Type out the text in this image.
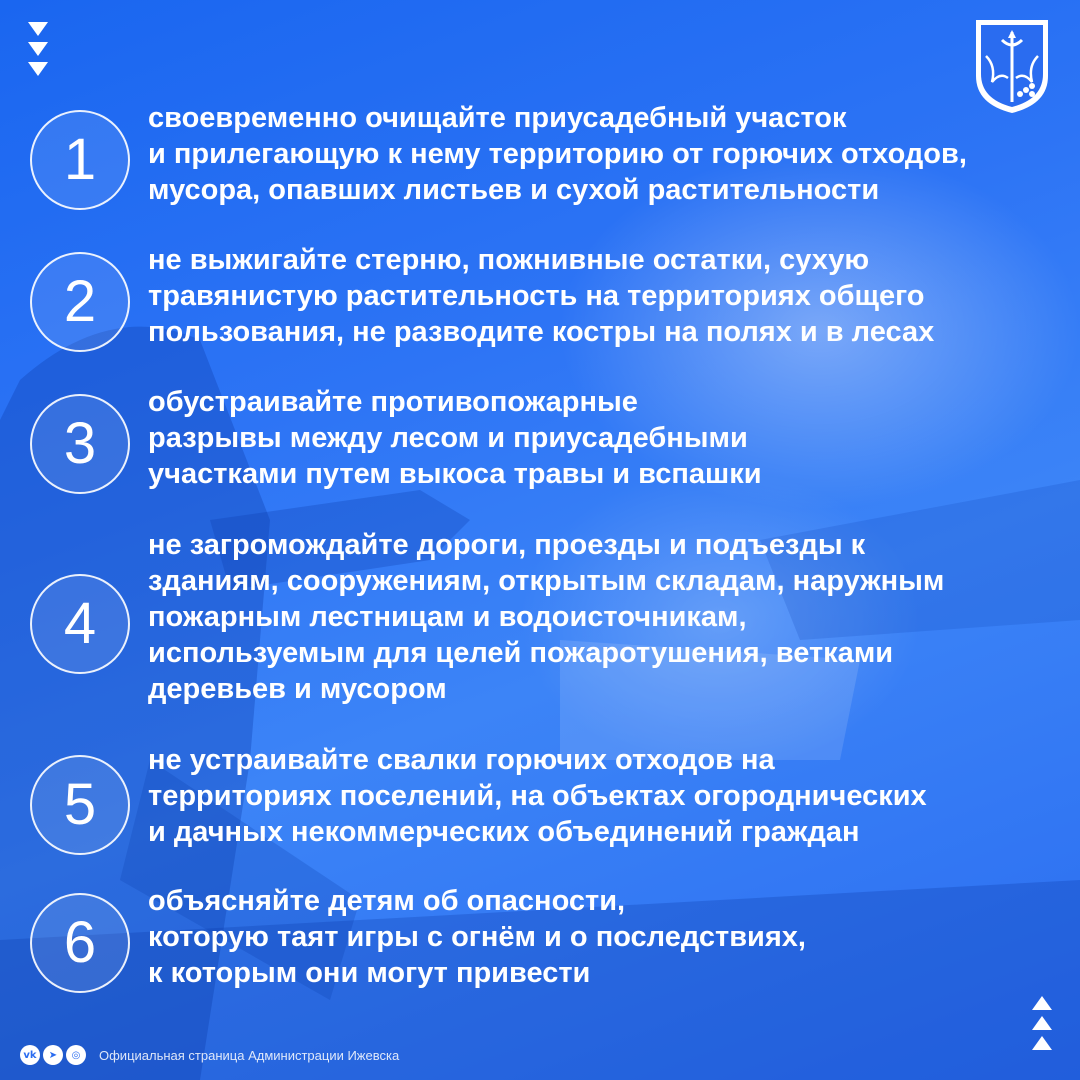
1

своевременно очищайте приусадебный участок
и прилегающую к нему территорию от горючих отходов,
мусора, опавших листьев и сухой растительности

2

не выжигайте стерню, пожнивные остатки, сухую
травянистую растительность на территориях общего
пользования, не разводите костры на полях и в лесах

3

обустраивайте противопожарные
разрывы между лесом и приусадебными
участками путем выкоса травы и вспашки

4

не загромождайте дороги, проезды и подъезды к
зданиям, сооружениям, открытым складам, наружным
пожарным лестницам и водоисточникам,
используемым для целей пожаротушения, ветками
деревьев и мусором

5

не устраивайте свалки горючих отходов на
территориях поселений, на объектах огороднических
и дачных некоммерческих объединений граждан

6

объясняйте детям об опасности,
которую таят игры с огнём и о последствиях,
к которым они могут привести

vk	➤	◎	Официальная страница Администрации Ижевска
